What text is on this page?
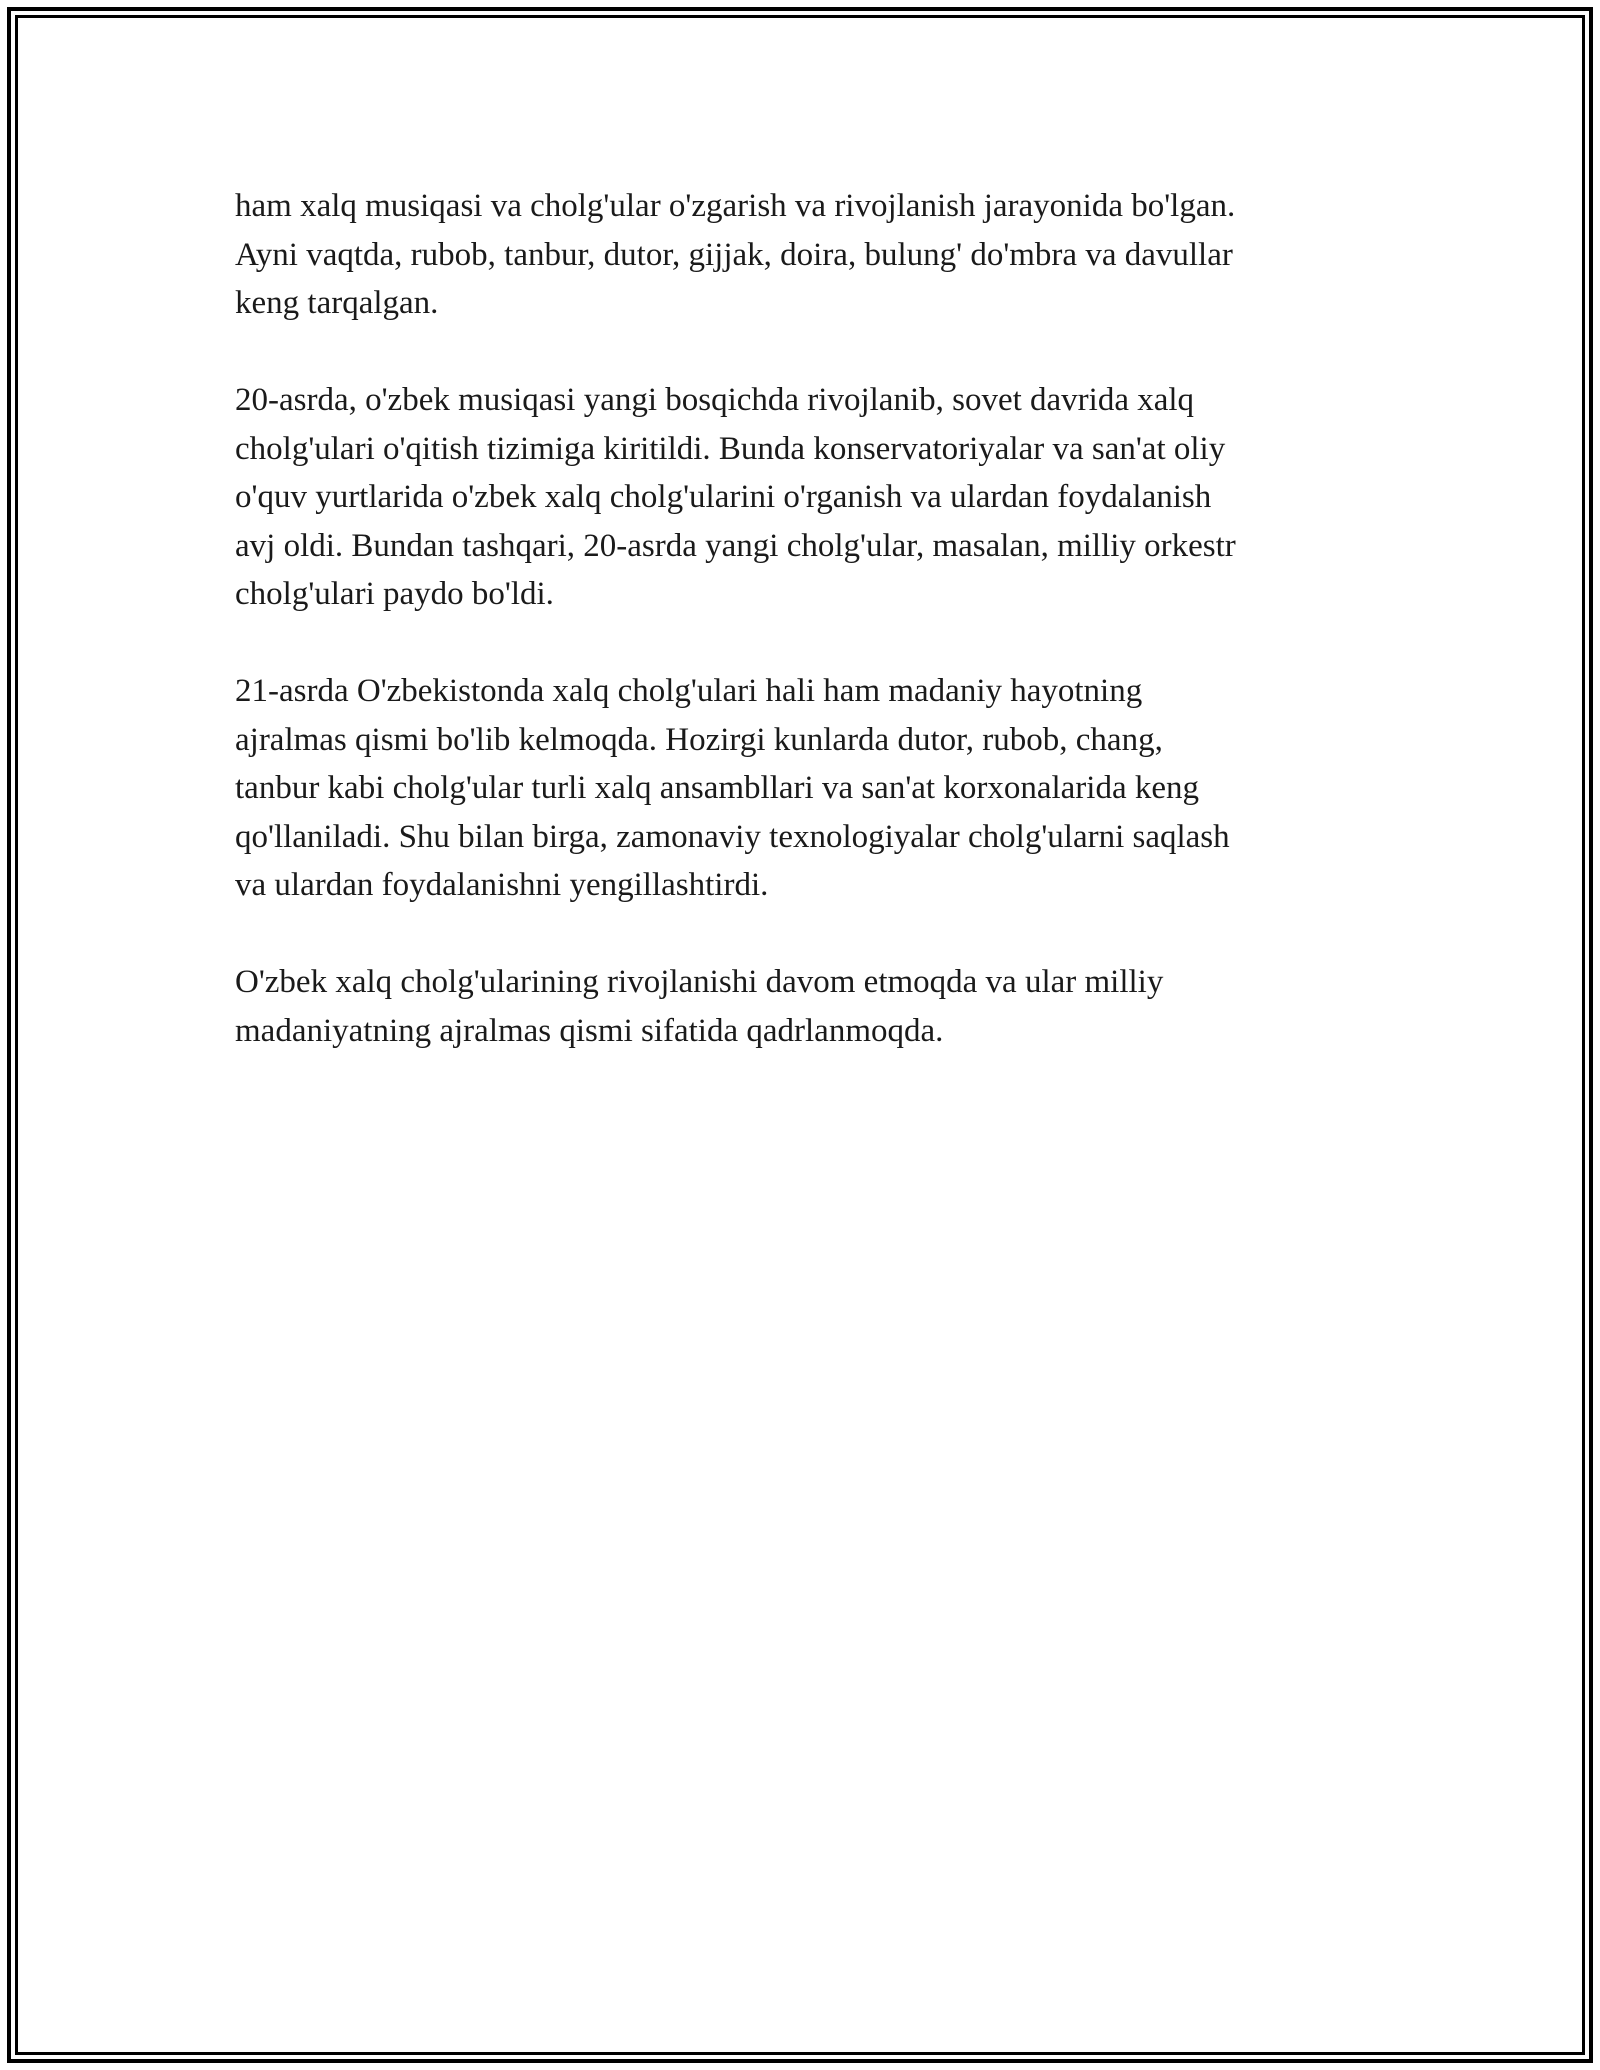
ham xalq musiqasi va cholg'ular o'zgarish va rivojlanish jarayonida bo'lgan.
Ayni vaqtda, rubob, tanbur, dutor, gijjak, doira, bulung' do'mbra va davullar
keng tarqalgan.

20-asrda, o'zbek musiqasi yangi bosqichda rivojlanib, sovet davrida xalq
cholg'ulari o'qitish tizimiga kiritildi. Bunda konservatoriyalar va san'at oliy
o'quv yurtlarida o'zbek xalq cholg'ularini o'rganish va ulardan foydalanish
avj oldi. Bundan tashqari, 20-asrda yangi cholg'ular, masalan, milliy orkestr
cholg'ulari paydo bo'ldi.

21-asrda O'zbekistonda xalq cholg'ulari hali ham madaniy hayotning
ajralmas qismi bo'lib kelmoqda. Hozirgi kunlarda dutor, rubob, chang,
tanbur kabi cholg'ular turli xalq ansambllari va san'at korxonalarida keng
qo'llaniladi. Shu bilan birga, zamonaviy texnologiyalar cholg'ularni saqlash
va ulardan foydalanishni yengillashtirdi.

O'zbek xalq cholg'ularining rivojlanishi davom etmoqda va ular milliy
madaniyatning ajralmas qismi sifatida qadrlanmoqda.
